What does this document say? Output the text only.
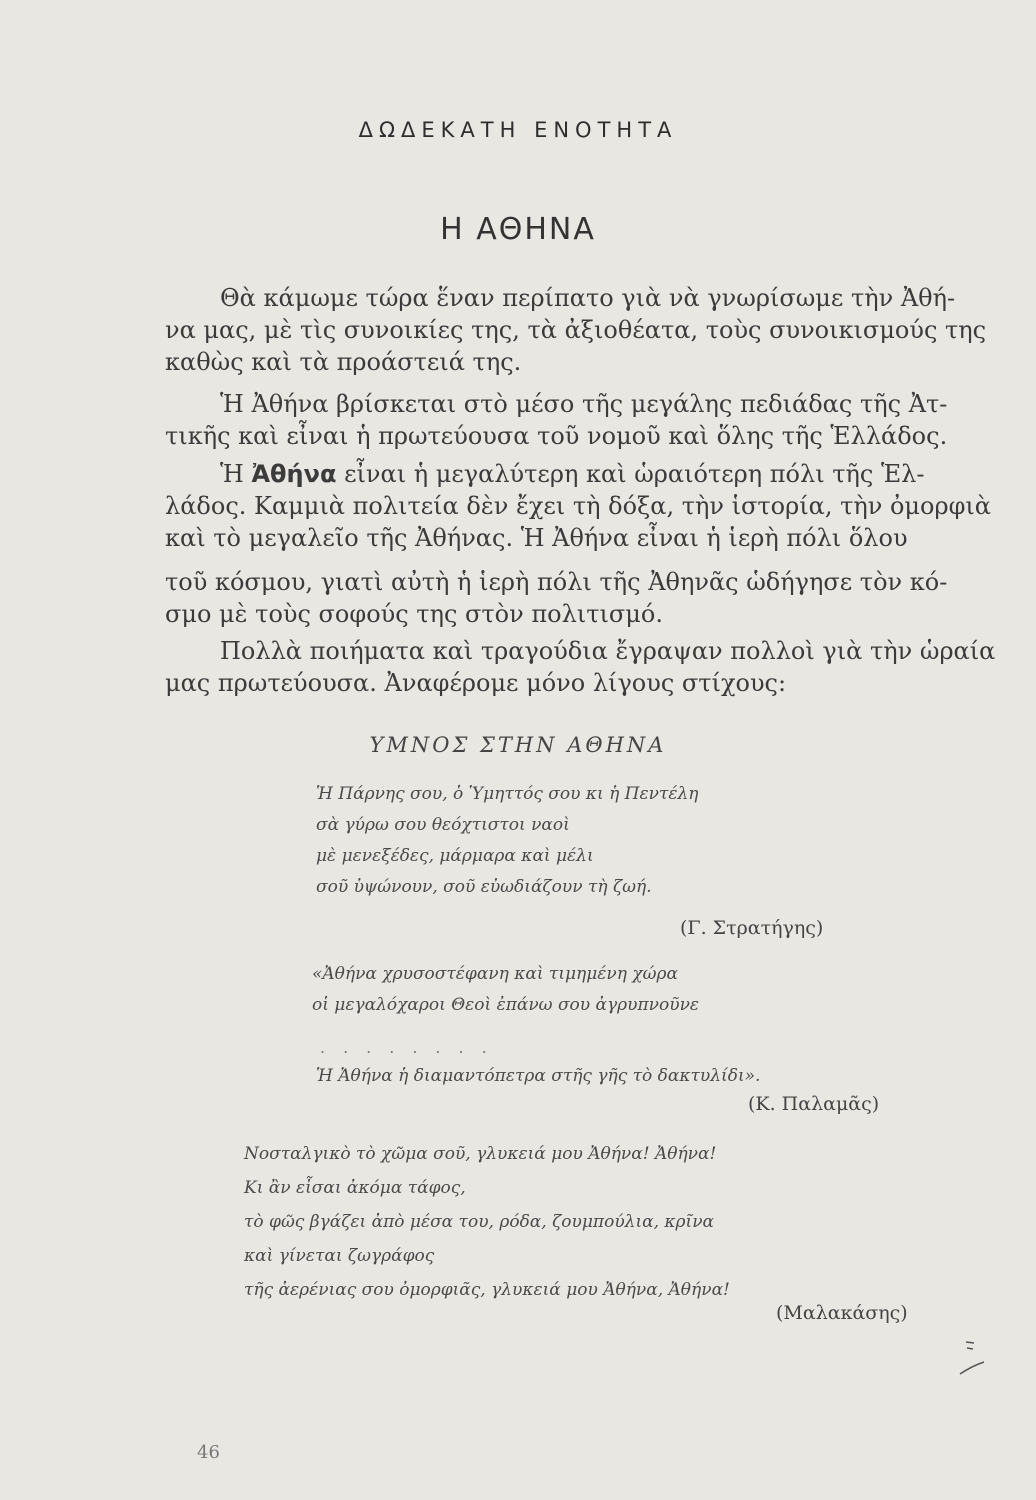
ΔΩΔΕΚΑΤΗ ΕΝΟΤΗΤΑ
Η ΑΘΗΝΑ
Θὰ κάμωμε τώρα ἕναν περίπατο γιὰ νὰ γνωρίσωμε τὴν Ἀθή-
να μας, μὲ τὶς συνοικίες της, τὰ ἀξιοθέατα, τοὺς συνοικισμούς της
καθὼς καὶ τὰ προάστειά της.
Ἡ Ἀθήνα βρίσκεται στὸ μέσο τῆς μεγάλης πεδιάδας τῆς Ἀτ-
τικῆς καὶ εἶναι ἡ πρωτεύουσα τοῦ νομοῦ καὶ ὅλης τῆς Ἑλλάδος.
Ἡ Ἀθήνα εἶναι ἡ μεγαλύτερη καὶ ὡραιότερη πόλι τῆς Ἑλ-
λάδος. Καμμιὰ πολιτεία δὲν ἔχει τὴ δόξα, τὴν ἱστορία, τὴν ὀμορφιὰ
καὶ τὸ μεγαλεῖο τῆς Ἀθήνας. Ἡ Ἀθήνα εἶναι ἡ ἱερὴ πόλι ὅλου
τοῦ κόσμου, γιατὶ αὐτὴ ἡ ἱερὴ πόλι τῆς Ἀθηνᾶς ὡδήγησε τὸν κό-
σμο μὲ τοὺς σοφούς της στὸν πολιτισμό.
Πολλὰ ποιήματα καὶ τραγούδια ἔγραψαν πολλοὶ γιὰ τὴν ὡραία
μας πρωτεύουσα. Ἀναφέρομε μόνο λίγους στίχους:
ΥΜΝΟΣ ΣΤΗΝ ΑΘΗΝΑ
Ἡ Πάρνης σου, ὁ Ὑμηττός σου κι ἡ Πεντέλη
σὰ γύρω σου θεόχτιστοι ναοὶ
μὲ μενεξέδες, μάρμαρα καὶ μέλι
σοῦ ὑψώνουν, σοῦ εὐωδιάζουν τὴ ζωή.
(Γ. Στρατήγης)
«Ἀθήνα χρυσοστέφανη καὶ τιμημένη χώρα
οἱ μεγαλόχαροι Θεοὶ ἐπάνω σου ἀγρυπνοῦνε
........
Ἡ Ἀθήνα ἡ διαμαντόπετρα στῆς γῆς τὸ δακτυλίδι».
(Κ. Παλαμᾶς)
Νοσταλγικὸ τὸ χῶμα σοῦ, γλυκειά μου Ἀθήνα! Ἀθήνα!
Κι ἂν εἶσαι ἀκόμα τάφος,
τὸ φῶς βγάζει ἀπὸ μέσα του, ρόδα, ζουμπούλια, κρῖνα
καὶ γίνεται ζωγράφος
τῆς ἀερένιας σου ὀμορφιᾶς, γλυκειά μου Ἀθήνα, Ἀθήνα!
(Μαλακάσης)
46
